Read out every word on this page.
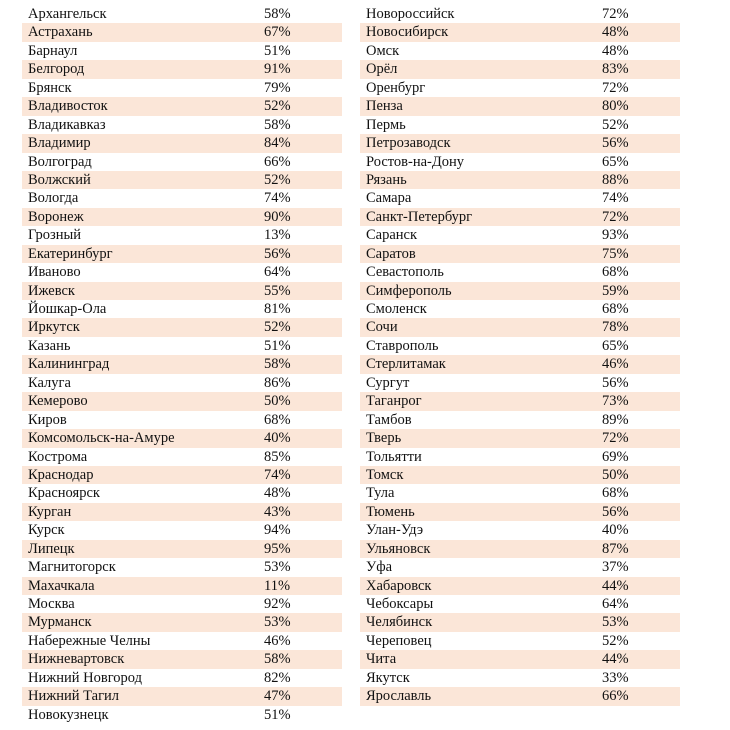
Архангельск	58%
Астрахань	67%
Барнаул	51%
Белгород	91%
Брянск	79%
Владивосток	52%
Владикавказ	58%
Владимир	84%
Волгоград	66%
Волжский	52%
Вологда	74%
Воронеж	90%
Грозный	13%
Екатеринбург	56%
Иваново	64%
Ижевск	55%
Йошкар-Ола	81%
Иркутск	52%
Казань	51%
Калининград	58%
Калуга	86%
Кемерово	50%
Киров	68%
Комсомольск-на-Амуре	40%
Кострома	85%
Краснодар	74%
Красноярск	48%
Курган	43%
Курск	94%
Липецк	95%
Магнитогорск	53%
Махачкала	11%
Москва	92%
Мурманск	53%
Набережные Челны	46%
Нижневартовск	58%
Нижний Новгород	82%
Нижний Тагил	47%
Новокузнецк	51%
Новороссийск	72%
Новосибирск	48%
Омск	48%
Орёл	83%
Оренбург	72%
Пенза	80%
Пермь	52%
Петрозаводск	56%
Ростов-на-Дону	65%
Рязань	88%
Самара	74%
Санкт-Петербург	72%
Саранск	93%
Саратов	75%
Севастополь	68%
Симферополь	59%
Смоленск	68%
Сочи	78%
Ставрополь	65%
Стерлитамак	46%
Сургут	56%
Таганрог	73%
Тамбов	89%
Тверь	72%
Тольятти	69%
Томск	50%
Тула	68%
Тюмень	56%
Улан-Удэ	40%
Ульяновск	87%
Уфа	37%
Хабаровск	44%
Чебоксары	64%
Челябинск	53%
Череповец	52%
Чита	44%
Якутск	33%
Ярославль	66%
